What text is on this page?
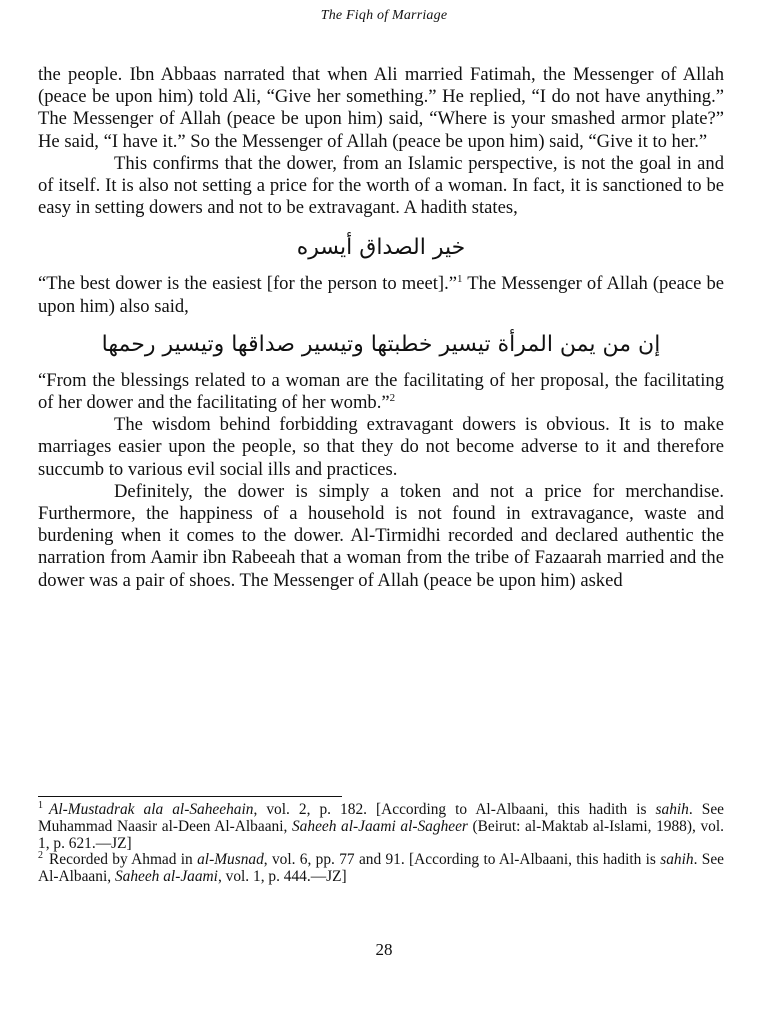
The Fiqh of Marriage

the people. Ibn Abbaas narrated that when Ali married Fatimah, the Messenger of Allah (peace be upon him) told Ali, “Give her something.” He replied, “I do not have anything.” The Messenger of Allah (peace be upon him) said, “Where is your smashed armor plate?” He said, “I have it.” So the Messenger of Allah (peace be upon him) said, “Give it to her.”

This confirms that the dower, from an Islamic perspective, is not the goal in and of itself. It is also not setting a price for the worth of a woman. In fact, it is sanctioned to be easy in setting dowers and not to be extravagant. A hadith states,

خير الصداق أيسره

“The best dower is the easiest [for the person to meet].”$^1$ The Messenger of Allah (peace be upon him) also said,

إن من يمن المرأة تيسير خطبتها وتيسير صداقها وتيسير رحمها

“From the blessings related to a woman are the facilitating of her proposal, the facilitating of her dower and the facilitating of her womb.”$^2$

The wisdom behind forbidding extravagant dowers is obvious. It is to make marriages easier upon the people, so that they do not become adverse to it and therefore succumb to various evil social ills and practices.

Definitely, the dower is simply a token and not a price for merchandise. Furthermore, the happiness of a household is not found in extravagance, waste and burdening when it comes to the dower. Al-Tirmidhi recorded and declared authentic the narration from Aamir ibn Rabeeah that a woman from the tribe of Fazaarah married and the dower was a pair of shoes. The Messenger of Allah (peace be upon him) asked

$^1$ Al-Mustadrak ala al-Saheehain, vol. 2, p. 182. [According to Al-Albaani, this hadith is sahih. See Muhammad Naasir al-Deen Al-Albaani, Saheeh al-Jaami al-Sagheer (Beirut: al-Maktab al-Islami, 1988), vol. 1, p. 621.—JZ]

$^2$ Recorded by Ahmad in al-Musnad, vol. 6, pp. 77 and 91. [According to Al-Albaani, this hadith is sahih. See Al-Albaani, Saheeh al-Jaami, vol. 1, p. 444.—JZ]

28
